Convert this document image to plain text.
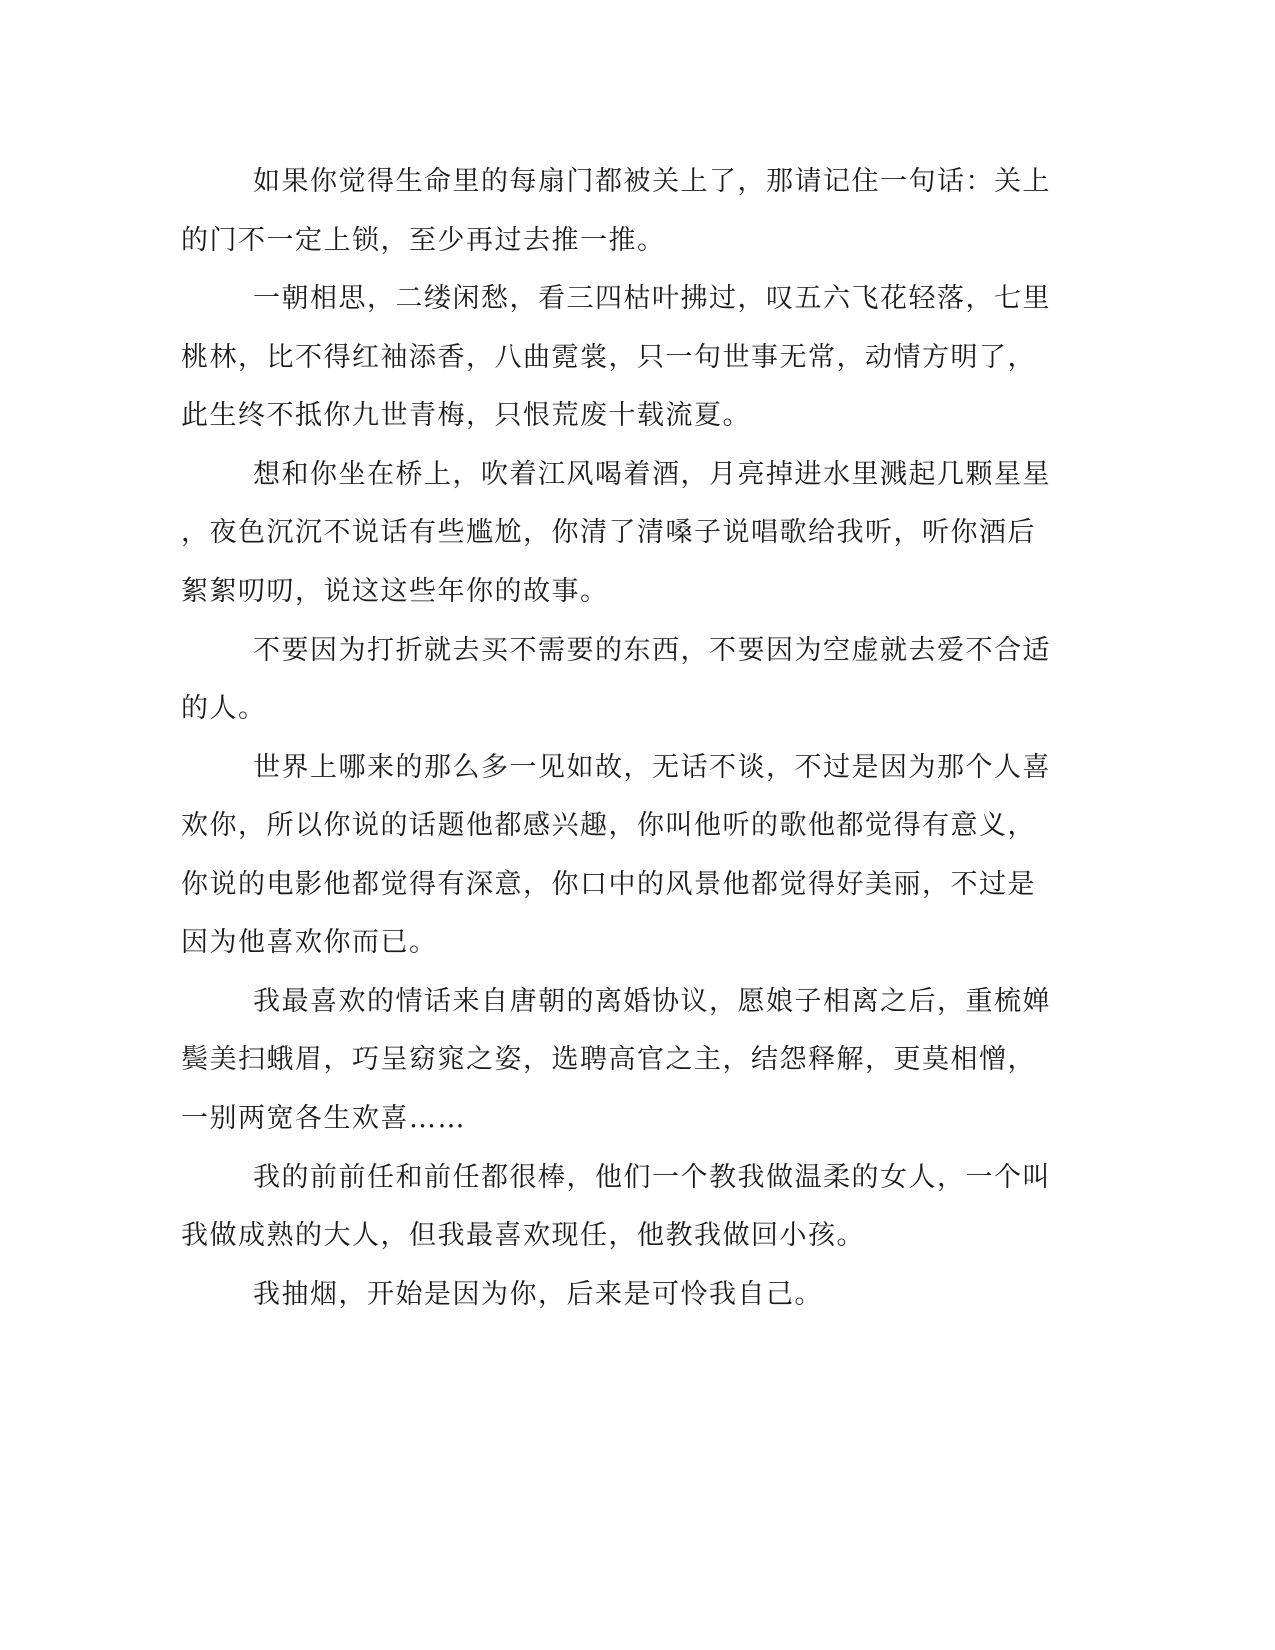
如果你觉得生命里的每扇门都被关上了，那请记住一句话：关上
的门不一定上锁，至少再过去推一推。
一朝相思，二缕闲愁，看三四枯叶拂过，叹五六飞花轻落，七里
桃林，比不得红袖添香，八曲霓裳，只一句世事无常，动情方明了，
此生终不抵你九世青梅，只恨荒废十载流夏。
想和你坐在桥上，吹着江风喝着酒，月亮掉进水里溅起几颗星星
，夜色沉沉不说话有些尴尬，你清了清嗓子说唱歌给我听，听你酒后
絮絮叨叨，说这这些年你的故事。
不要因为打折就去买不需要的东西，不要因为空虚就去爱不合适
的人。
世界上哪来的那么多一见如故，无话不谈，不过是因为那个人喜
欢你，所以你说的话题他都感兴趣，你叫他听的歌他都觉得有意义，
你说的电影他都觉得有深意，你口中的风景他都觉得好美丽，不过是
因为他喜欢你而已。
我最喜欢的情话来自唐朝的离婚协议，愿娘子相离之后，重梳婵
鬓美扫蛾眉，巧呈窈窕之姿，选聘高官之主，结怨释解，更莫相憎，
一别两宽各生欢喜……
我的前前任和前任都很棒，他们一个教我做温柔的女人，一个叫
我做成熟的大人，但我最喜欢现任，他教我做回小孩。
我抽烟，开始是因为你，后来是可怜我自己。
